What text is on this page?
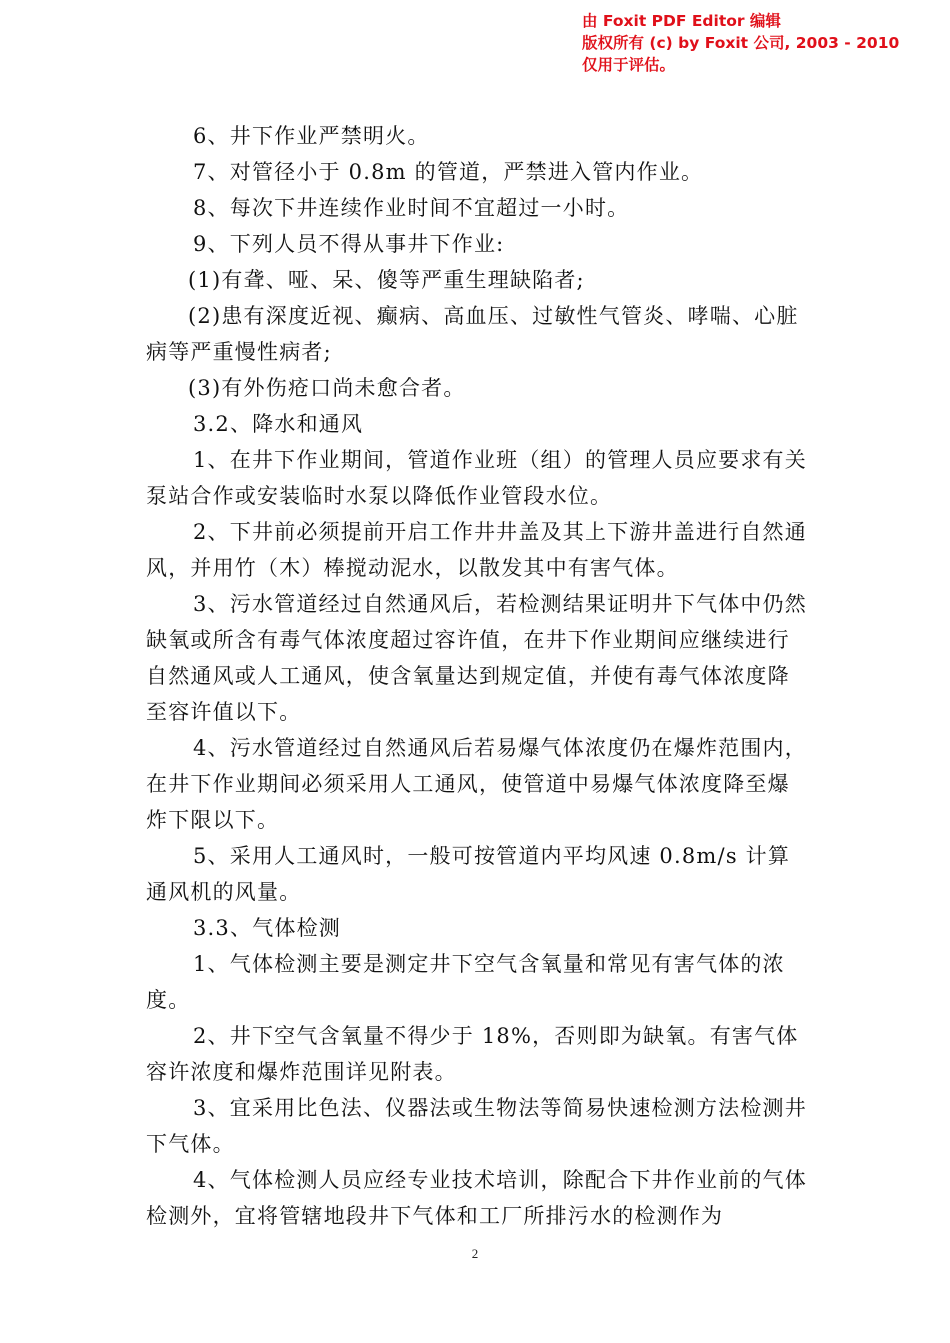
由 Foxit PDF Editor 编辑
版权所有 (c) by Foxit 公司, 2003 - 2010
仅用于评估。

6、井下作业严禁明火。

7、对管径小于 0.8m 的管道，严禁进入管内作业。

8、每次下井连续作业时间不宜超过一小时。

9、下列人员不得从事井下作业:

(1)有聋、哑、呆、傻等严重生理缺陷者;

(2)患有深度近视、癫病、高血压、过敏性气管炎、哮喘、心脏病等严重慢性病者;

(3)有外伤疮口尚未愈合者。

3.2、降水和通风

1、在井下作业期间，管道作业班（组）的管理人员应要求有关泵站合作或安装临时水泵以降低作业管段水位。

2、下井前必须提前开启工作井井盖及其上下游井盖进行自然通风，并用竹（木）棒搅动泥水，以散发其中有害气体。

3、污水管道经过自然通风后，若检测结果证明井下气体中仍然缺氧或所含有毒气体浓度超过容许值，在井下作业期间应继续进行自然通风或人工通风，使含氧量达到规定值，并使有毒气体浓度降至容许值以下。

4、污水管道经过自然通风后若易爆气体浓度仍在爆炸范围内，在井下作业期间必须采用人工通风，使管道中易爆气体浓度降至爆炸下限以下。

5、采用人工通风时，一般可按管道内平均风速 0.8m/s 计算通风机的风量。

3.3、气体检测

1、气体检测主要是测定井下空气含氧量和常见有害气体的浓度。

2、井下空气含氧量不得少于 18%，否则即为缺氧。有害气体容许浓度和爆炸范围详见附表。

3、宜采用比色法、仪器法或生物法等简易快速检测方法检测井下气体。

4、气体检测人员应经专业技术培训，除配合下井作业前的气体检测外，宜将管辖地段井下气体和工厂所排污水的检测作为

2
